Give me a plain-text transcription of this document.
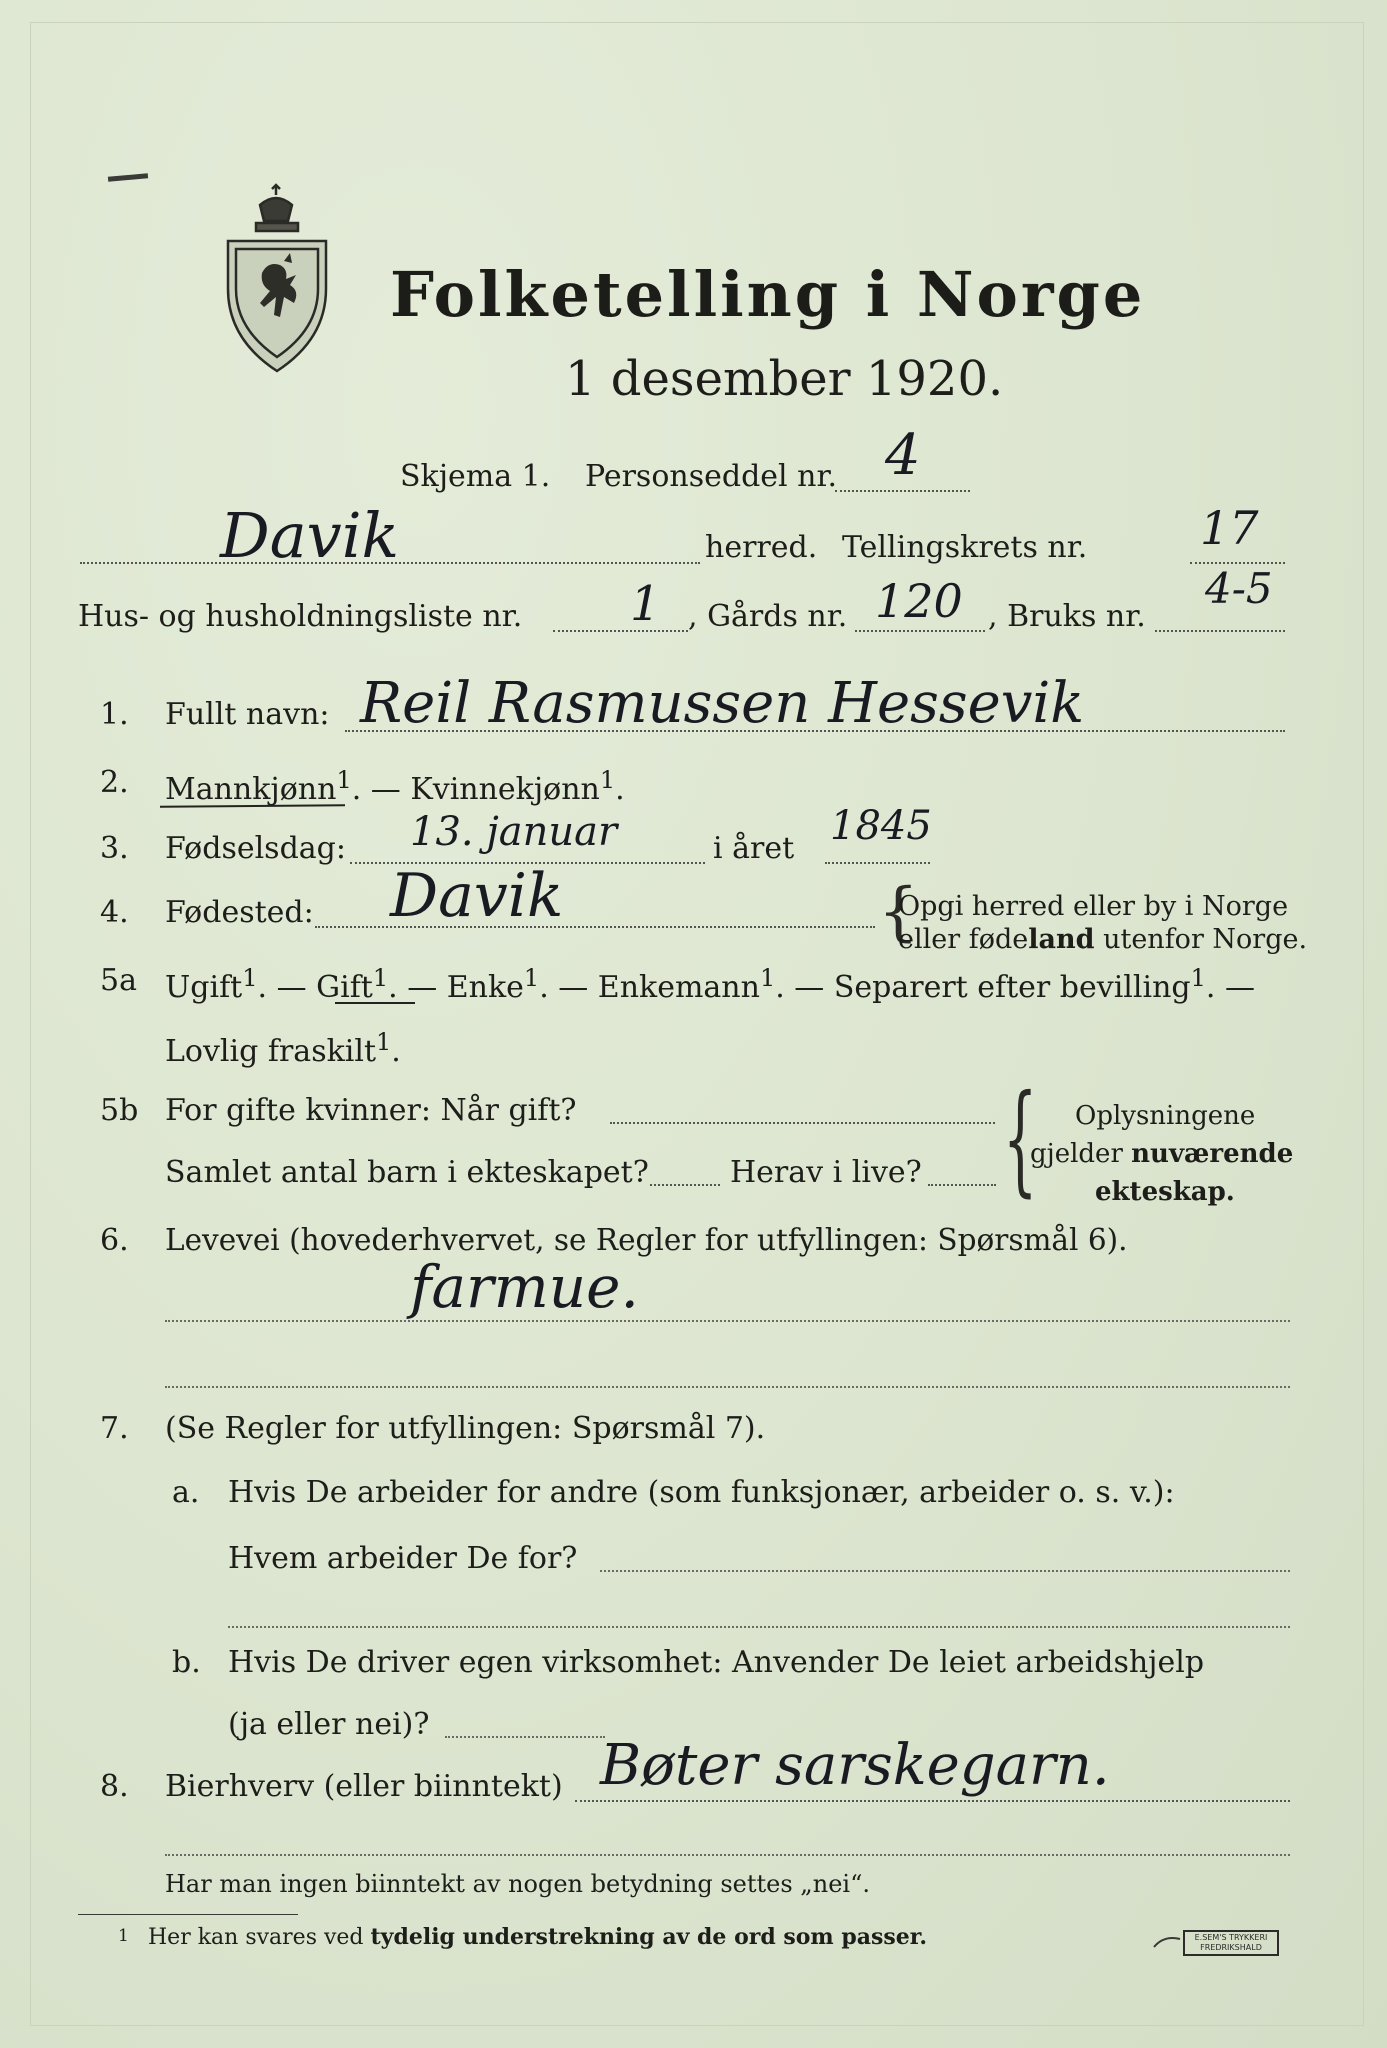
Folketelling i Norge
1 desember 1920.
Skjema 1. Personseddel nr. 4
Davik	herred. Tellingskrets nr. 17
Hus- og husholdningsliste nr. 1 , Gårds nr. 120 , Bruks nr.
4-5
1. Fullt navn: Reil Rasmussen Hessevik
2. Mannkjønn$^1$. — Kvinnekjønn$^1$.
3. Fødselsdag: 13. januar	i året 1845
4. Fødested: Davik	{
Opgi herred eller by i Norge
eller fødeland utenfor Norge.
5a Ugift$^1$. — Gift$^1$. — Enke$^1$. — Enkemann$^1$. — Separert efter bevilling$^1$. —
Lovlig fraskilt$^1$.
5b For gifte kvinner: Når gift?
Samlet antal barn i ekteskapet?	Herav i live? { Oplysningene
gjelder nuværende
ekteskap.
6. Levevei (hovederhvervet, se Regler for utfyllingen: Spørsmål 6).
farmue.
7. (Se Regler for utfyllingen: Spørsmål 7).
a. Hvis De arbeider for andre (som funksjonær, arbeider o. s. v.):
Hvem arbeider De for?
b. Hvis De driver egen virksomhet: Anvender De leiet arbeidshjelp
(ja eller nei)?
8. Bierhverv (eller biinntekt) Bøter sarskegarn.
Har man ingen biinntekt av nogen betydning settes „nei“.
1 Her kan svares ved tydelig understrekning av de ord som passer.	E.SEM'S TRYKKERI
FREDRIKSHALD
